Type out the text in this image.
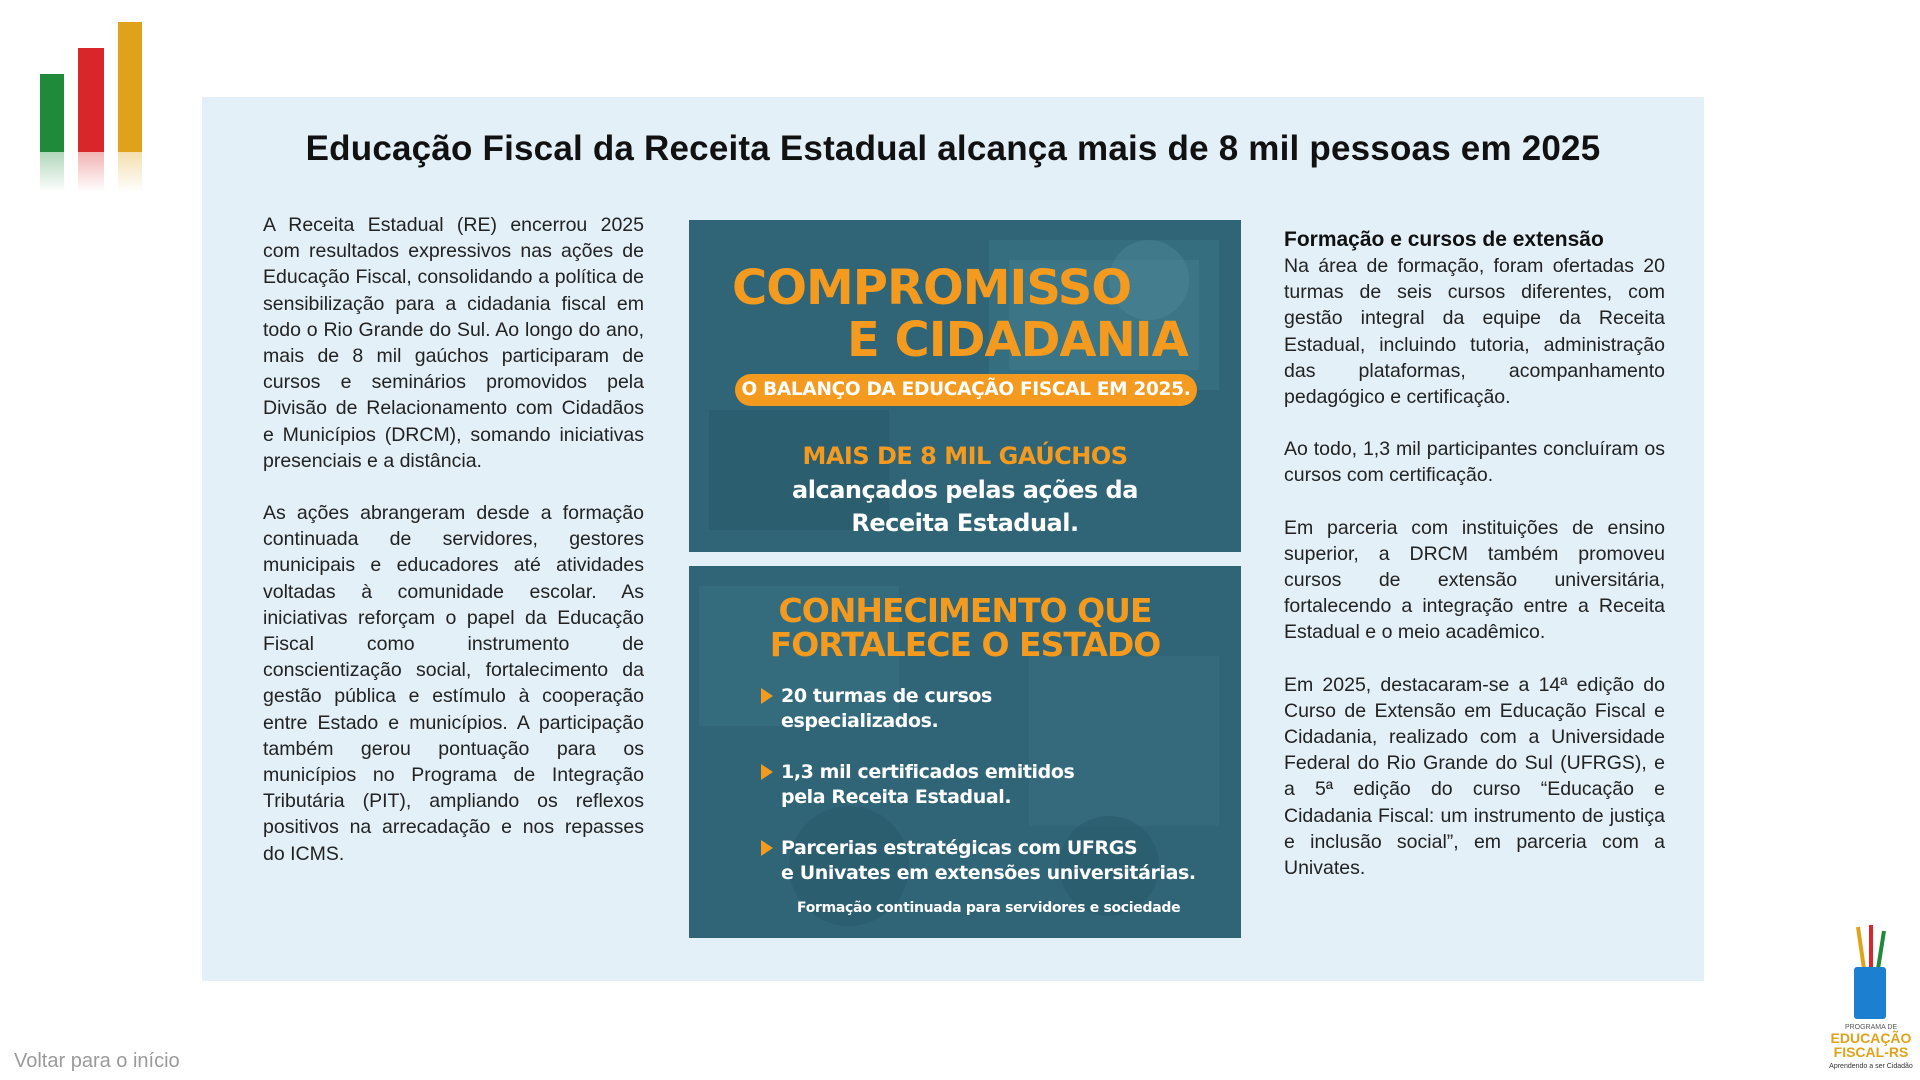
Educação Fiscal da Receita Estadual alcança mais de 8 mil pessoas em 2025

A Receita Estadual (RE) encerrou 2025 com resultados expressivos nas ações de Educação Fiscal, consolidando a política de sensibilização para a cidadania fiscal em todo o Rio Grande do Sul. Ao longo do ano, mais de 8 mil gaúchos participaram de cursos e seminários promovidos pela Divisão de Relacionamento com Cidadãos e Municípios (DRCM), somando iniciativas presenciais e a distância.

As ações abrangeram desde a formação continuada de servidores, gestores municipais e educadores até atividades voltadas à comunidade escolar. As iniciativas reforçam o papel da Educação Fiscal como instrumento de conscientização social, fortalecimento da gestão pública e estímulo à cooperação entre Estado e municípios. A participação também gerou pontuação para os municípios no Programa de Integração Tributária (PIT), ampliando os reflexos positivos na arrecadação e nos repasses do ICMS.

COMPROMISSO
E CIDADANIA
O BALANÇO DA EDUCAÇÃO FISCAL EM 2025.
MAIS DE 8 MIL GAÚCHOS
alcançados pelas ações da
Receita Estadual.
CONHECIMENTO QUE
FORTALECE O ESTADO
20 turmas de cursos
especializados.
1,3 mil certificados emitidos
pela Receita Estadual.
Parcerias estratégicas com UFRGS
e Univates em extensões universitárias.
Formação continuada para servidores e sociedade
Formação e cursos de extensão

Na área de formação, foram ofertadas 20 turmas de seis cursos diferentes, com gestão integral da equipe da Receita Estadual, incluindo tutoria, administração das plataformas, acompanhamento pedagógico e certificação.

Ao todo, 1,3 mil participantes concluíram os cursos com certificação.

Em parceria com instituições de ensino superior, a DRCM também promoveu cursos de extensão universitária, fortalecendo a integração entre a Receita Estadual e o meio acadêmico.

Em 2025, destacaram-se a 14ª edição do Curso de Extensão em Educação Fiscal e Cidadania, realizado com a Universidade Federal do Rio Grande do Sul (UFRGS), e a 5ª edição do curso “Educação e Cidadania Fiscal: um instrumento de justiça e inclusão social”, em parceria com a Univates.

Voltar para o início
PROGRAMA DE
EDUCAÇÃO
FISCAL-RS
Aprendendo a ser Cidadão
